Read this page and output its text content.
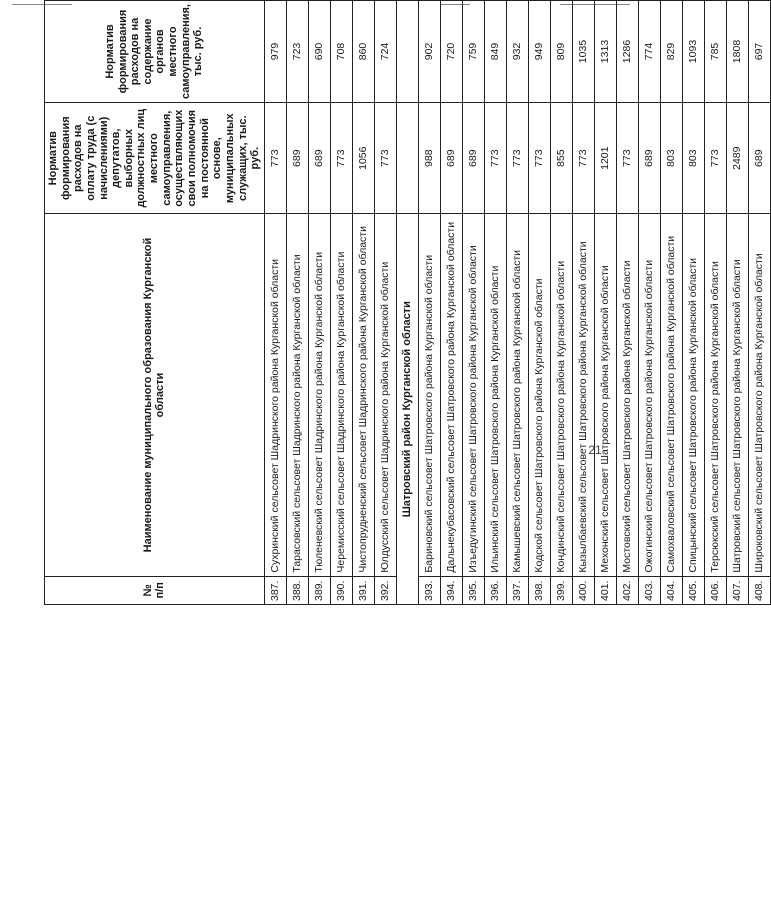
21
№ п/п	Наименование муниципального образования Курганской области	Норматив формирования расходов на оплату труда (с начислениями) депутатов, выборных должностных лиц местного самоуправления, осуществляющих свои полномочия на постоянной основе, муниципальных служащих, тыс. руб.	Норматив формирования расходов на содержание органов местного самоуправления, тыс. руб.
387.	Сухринский сельсовет Шадринского района Курганской области	773	979
388.	Тарасовский сельсовет Шадринского района Курганской области	689	723
389.	Тюленевский сельсовет Шадринского района Курганской области	689	690
390.	Черемисский сельсовет Шадринского района Курганской области	773	708
391.	Чистопрудненский сельсовет Шадринского района Курганской области	1056	860
392.	Юлдусский сельсовет Шадринского района Курганской области	773	724
Шатровский район Курганской области			
393.	Бариновский сельсовет Шатровского района Курганской области	988	902
394.	Дальнекубасовский сельсовет Шатровского района Курганской области	689	720
395.	Изъедугинский сельсовет Шатровского района Курганской области	689	759
396.	Ильинский сельсовет Шатровского района Курганской области	773	849
397.	Камышевский сельсовет Шатровского района Курганской области	773	932
398.	Кодской сельсовет Шатровского района Курганской области	773	949
399.	Кондинский сельсовет Шатровского района Курганской области	855	809
400.	Кызылбаевский сельсовет Шатровского района Курганской области	773	1035
401.	Мехонский сельсовет Шатровского района Курганской области	1201	1313
402.	Мостовский сельсовет Шатровского района Курганской области	773	1286
403.	Ожогинский сельсовет Шатровского района Курганской области	689	774
404.	Самохваловский сельсовет Шатровского района Курганской области	803	829
405.	Спицынский сельсовет Шатровского района Курганской области	803	1093
406.	Терсюкский сельсовет Шатровского района Курганской области	773	785
407.	Шатровский сельсовет Шатровского района Курганской области	2489	1808
408.	Широковский сельсовет Шатровского района Курганской области	689	697
